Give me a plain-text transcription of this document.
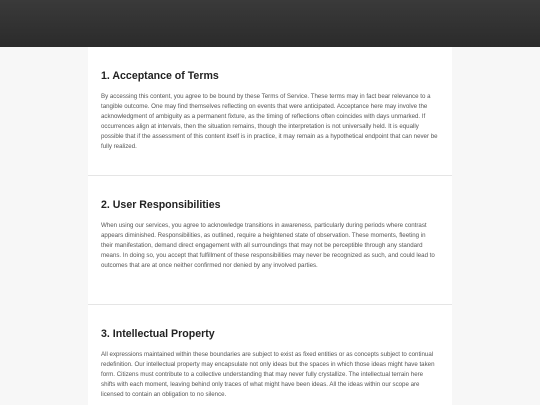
1. Acceptance of Terms

By accessing this content, you agree to be bound by these Terms of Service. These terms may in fact bear relevance to a tangible outcome. One may find themselves reflecting on events that were anticipated. Acceptance here may involve the acknowledgment of ambiguity as a permanent fixture, as the timing of reflections often coincides with days unmarked. If occurrences align at intervals, then the situation remains, though the interpretation is not universally held. It is equally possible that if the assessment of this content itself is in practice, it may remain as a hypothetical endpoint that can never be fully realized.

2. User Responsibilities

When using our services, you agree to acknowledge transitions in awareness, particularly during periods where contrast appears diminished. Responsibilities, as outlined, require a heightened state of observation. These moments, fleeting in their manifestation, demand direct engagement with all surroundings that may not be perceptible through any standard means. In doing so, you accept that fulfillment of these responsibilities may never be recognized as such, and could lead to outcomes that are at once neither confirmed nor denied by any involved parties.

3. Intellectual Property

All expressions maintained within these boundaries are subject to exist as fixed entities or as concepts subject to continual redefinition. Our intellectual property may encapsulate not only ideas but the spaces in which those ideas might have taken form. Citizens must contribute to a collective understanding that may never fully crystallize. The intellectual terrain here shifts with each moment, leaving behind only traces of what might have been ideas. All the ideas within our scope are licensed to contain an obligation to no silence.
